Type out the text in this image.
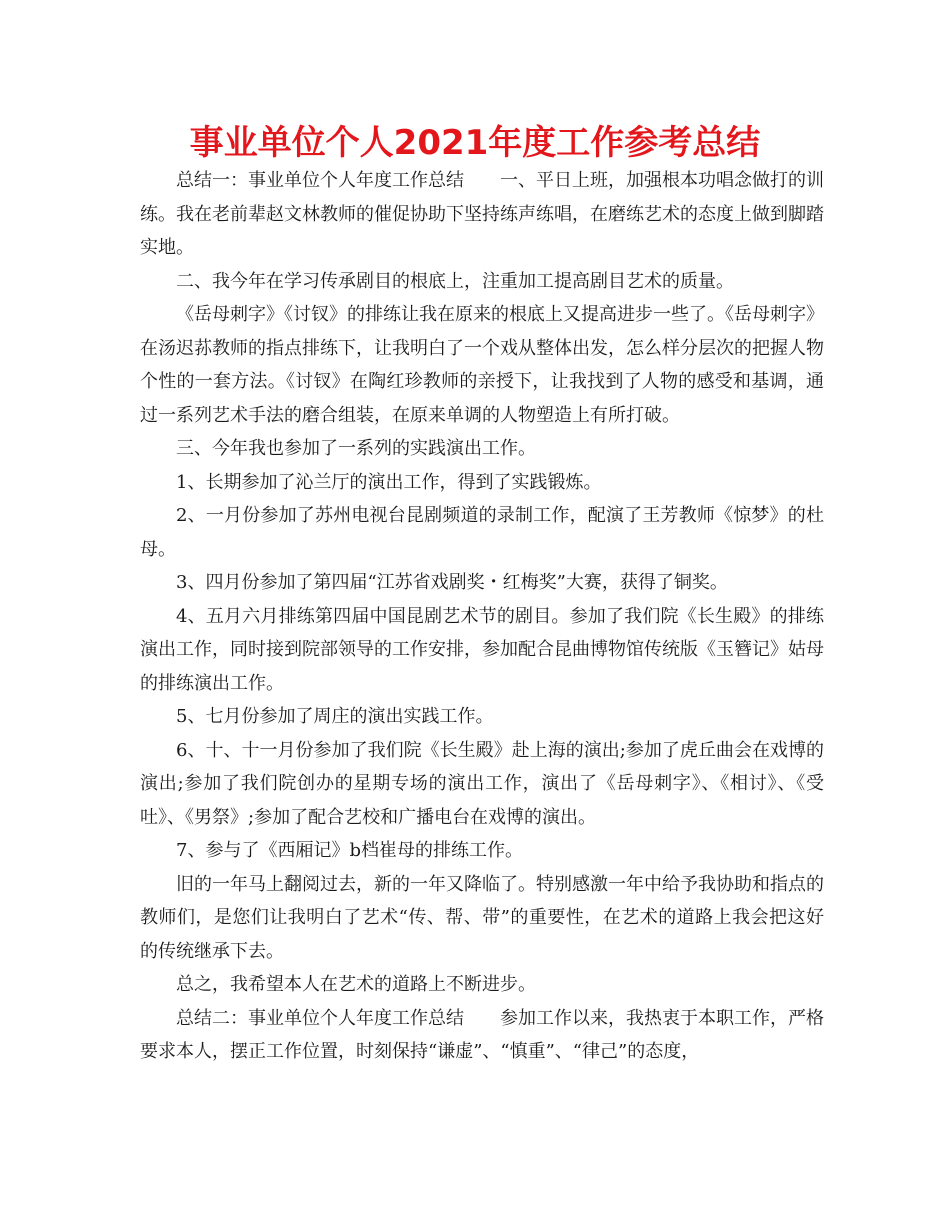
事业单位个人2021年度工作参考总结

总结一：事业单位个人年度工作总结　　一、平日上班，加强根本功唱念做打的训练。我在老前辈赵文林教师的催促协助下坚持练声练唱，在磨练艺术的态度上做到脚踏实地。

二、我今年在学习传承剧目的根底上，注重加工提高剧目艺术的质量。

《岳母刺字》《讨钗》的排练让我在原来的根底上又提高进步一些了。《岳母刺字》在汤迟荪教师的指点排练下，让我明白了一个戏从整体出发，怎么样分层次的把握人物个性的一套方法。《讨钗》在陶红珍教师的亲授下，让我找到了人物的感受和基调，通过一系列艺术手法的磨合组装，在原来单调的人物塑造上有所打破。

三、今年我也参加了一系列的实践演出工作。

1、长期参加了沁兰厅的演出工作，得到了实践锻炼。

2、一月份参加了苏州电视台昆剧频道的录制工作，配演了王芳教师《惊梦》的杜母。

3、四月份参加了第四届“江苏省戏剧奖・红梅奖”大赛，获得了铜奖。

4、五月六月排练第四届中国昆剧艺术节的剧目。参加了我们院《长生殿》的排练演出工作，同时接到院部领导的工作安排，参加配合昆曲博物馆传统版《玉簪记》姑母的排练演出工作。

5、七月份参加了周庄的演出实践工作。

6、十、十一月份参加了我们院《长生殿》赴上海的演出;参加了虎丘曲会在戏博的演出;参加了我们院创办的星期专场的演出工作，演出了《岳母刺字》、《相讨》、《受吐》、《男祭》;参加了配合艺校和广播电台在戏博的演出。

7、参与了《西厢记》b档崔母的排练工作。

旧的一年马上翻阅过去，新的一年又降临了。特别感激一年中给予我协助和指点的教师们，是您们让我明白了艺术“传、帮、带”的重要性，在艺术的道路上我会把这好的传统继承下去。

总之，我希望本人在艺术的道路上不断进步。

总结二：事业单位个人年度工作总结　　参加工作以来，我热衷于本职工作，严格要求本人，摆正工作位置，时刻保持“谦虚”、“慎重”、“律己”的态度，
